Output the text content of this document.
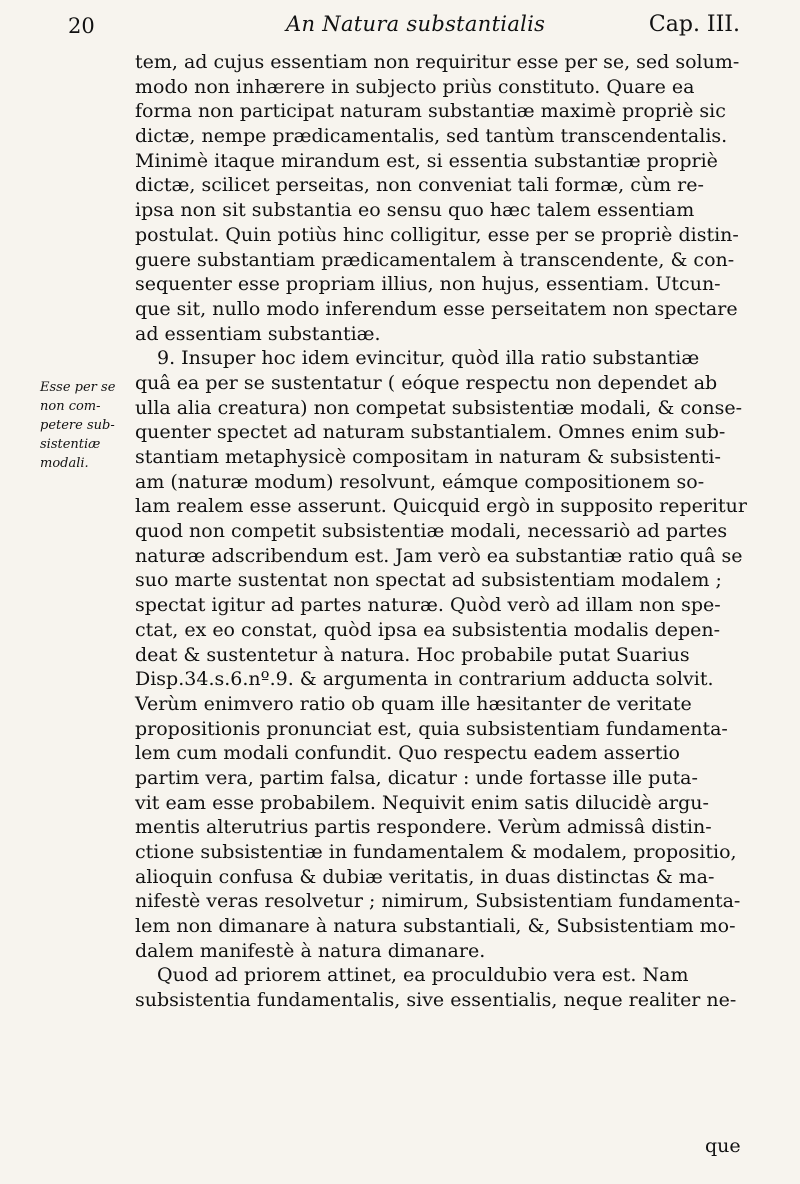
20	An Natura substantialis	Cap. III.
Esse per se
non com-
petere sub-
sistentiæ
modali.
tem, ad cujus essentiam non requiritur esse per se, sed solum-
modo non inhærere in subjecto priùs constituto. Quare ea
forma non participat naturam substantiæ maximè propriè sic
dictæ, nempe prædicamentalis, sed tantùm transcendentalis.
Minimè itaque mirandum est, si essentia substantiæ propriè
dictæ, scilicet perseitas, non conveniat tali formæ, cùm re-
ipsa non sit substantia eo sensu quo hæc talem essentiam
postulat. Quin potiùs hinc colligitur, esse per se propriè distin-
guere substantiam prædicamentalem à transcendente, & con-
sequenter esse propriam illius, non hujus, essentiam. Utcun-
que sit, nullo modo inferendum esse perseitatem non spectare
ad essentiam substantiæ.
9. Insuper hoc idem evincitur, quòd illa ratio substantiæ
quâ ea per se sustentatur ( eóque respectu non dependet ab
ulla alia creatura) non competat subsistentiæ modali, & conse-
quenter spectet ad naturam substantialem. Omnes enim sub-
stantiam metaphysicè compositam in naturam & subsistenti-
am (naturæ modum) resolvunt, eámque compositionem so-
lam realem esse asserunt. Quicquid ergò in supposito reperitur
quod non competit subsistentiæ modali, necessariò ad partes
naturæ adscribendum est. Jam verò ea substantiæ ratio quâ se
suo marte sustentat non spectat ad subsistentiam modalem ;
spectat igitur ad partes naturæ. Quòd verò ad illam non spe-
ctat, ex eo constat, quòd ipsa ea subsistentia modalis depen-
deat & sustentetur à natura. Hoc probabile putat Suarius
Disp.34.s.6.nº.9. & argumenta in contrarium adducta solvit.
Verùm enimvero ratio ob quam ille hæsitanter de veritate
propositionis pronunciat est, quia subsistentiam fundamenta-
lem cum modali confundit. Quo respectu eadem assertio
partim vera, partim falsa, dicatur : unde fortasse ille puta-
vit eam esse probabilem. Nequivit enim satis dilucidè argu-
mentis alterutrius partis respondere. Verùm admissâ distin-
ctione subsistentiæ in fundamentalem & modalem, propositio,
alioquin confusa & dubiæ veritatis, in duas distinctas & ma-
nifestè veras resolvetur ; nimirum, Subsistentiam fundamenta-
lem non dimanare à natura substantiali, &, Subsistentiam mo-
dalem manifestè à natura dimanare.
Quod ad priorem attinet, ea proculdubio vera est. Nam
subsistentia fundamentalis, sive essentialis, neque realiter ne-
que
